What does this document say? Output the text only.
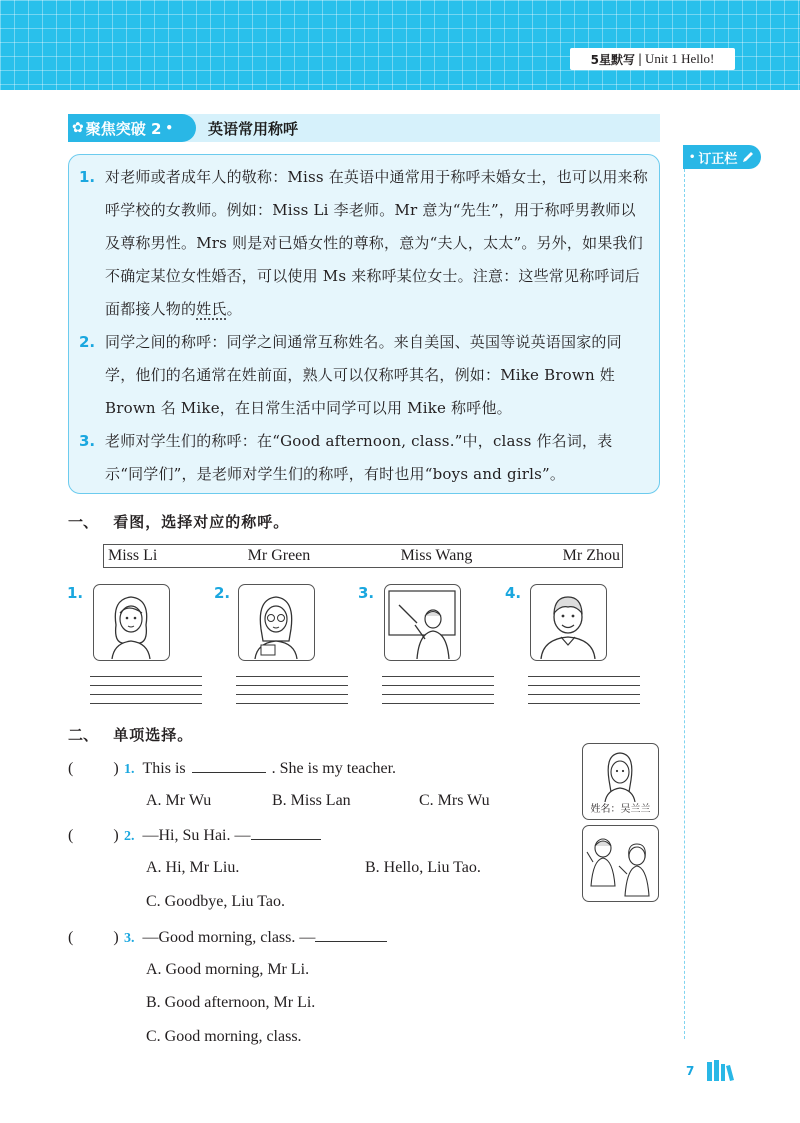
5星默写 | Unit 1 Hello!
✿ 聚焦突破 2 • 英语常用称呼
• 订正栏
1. 对老师或者成年人的敬称：Miss 在英语中通常用于称呼未婚女士，也可以用来称呼学校的女教师。例如：Miss Li 李老师。Mr 意为“先生”，用于称呼男教师以及尊称男性。Mrs 则是对已婚女性的尊称，意为“夫人，太太”。另外，如果我们不确定某位女性婚否，可以使用 Ms 来称呼某位女士。注意：这些常见称呼词后面都接人物的姓氏。
2. 同学之间的称呼：同学之间通常互称姓名。来自美国、英国等说英语国家的同学，他们的名通常在姓前面，熟人可以仅称呼其名，例如：Mike Brown 姓 Brown 名 Mike，在日常生活中同学可以用 Mike 称呼他。
3. 老师对学生们的称呼：在“Good afternoon, class.”中，class 作名词，表示“同学们”，是老师对学生们的称呼，有时也用“boys and girls”。
一、 看图，选择对应的称呼。
Miss Li	Mr Green	Miss Wang	Mr Zhou
1.	2.	3.	4.
二、 单项选择。
(	) 1. This is	. She is my teacher.
A. Mr Wu	B. Miss Lan	C. Mrs Wu
姓名：吴兰兰
(	) 2. —Hi, Su Hai. —
A. Hi, Mr Liu.	B. Hello, Liu Tao.
C. Goodbye, Liu Tao.
(	) 3. —Good morning, class. —
A. Good morning, Mr Li.
B. Good afternoon, Mr Li.
C. Good morning, class.
7
